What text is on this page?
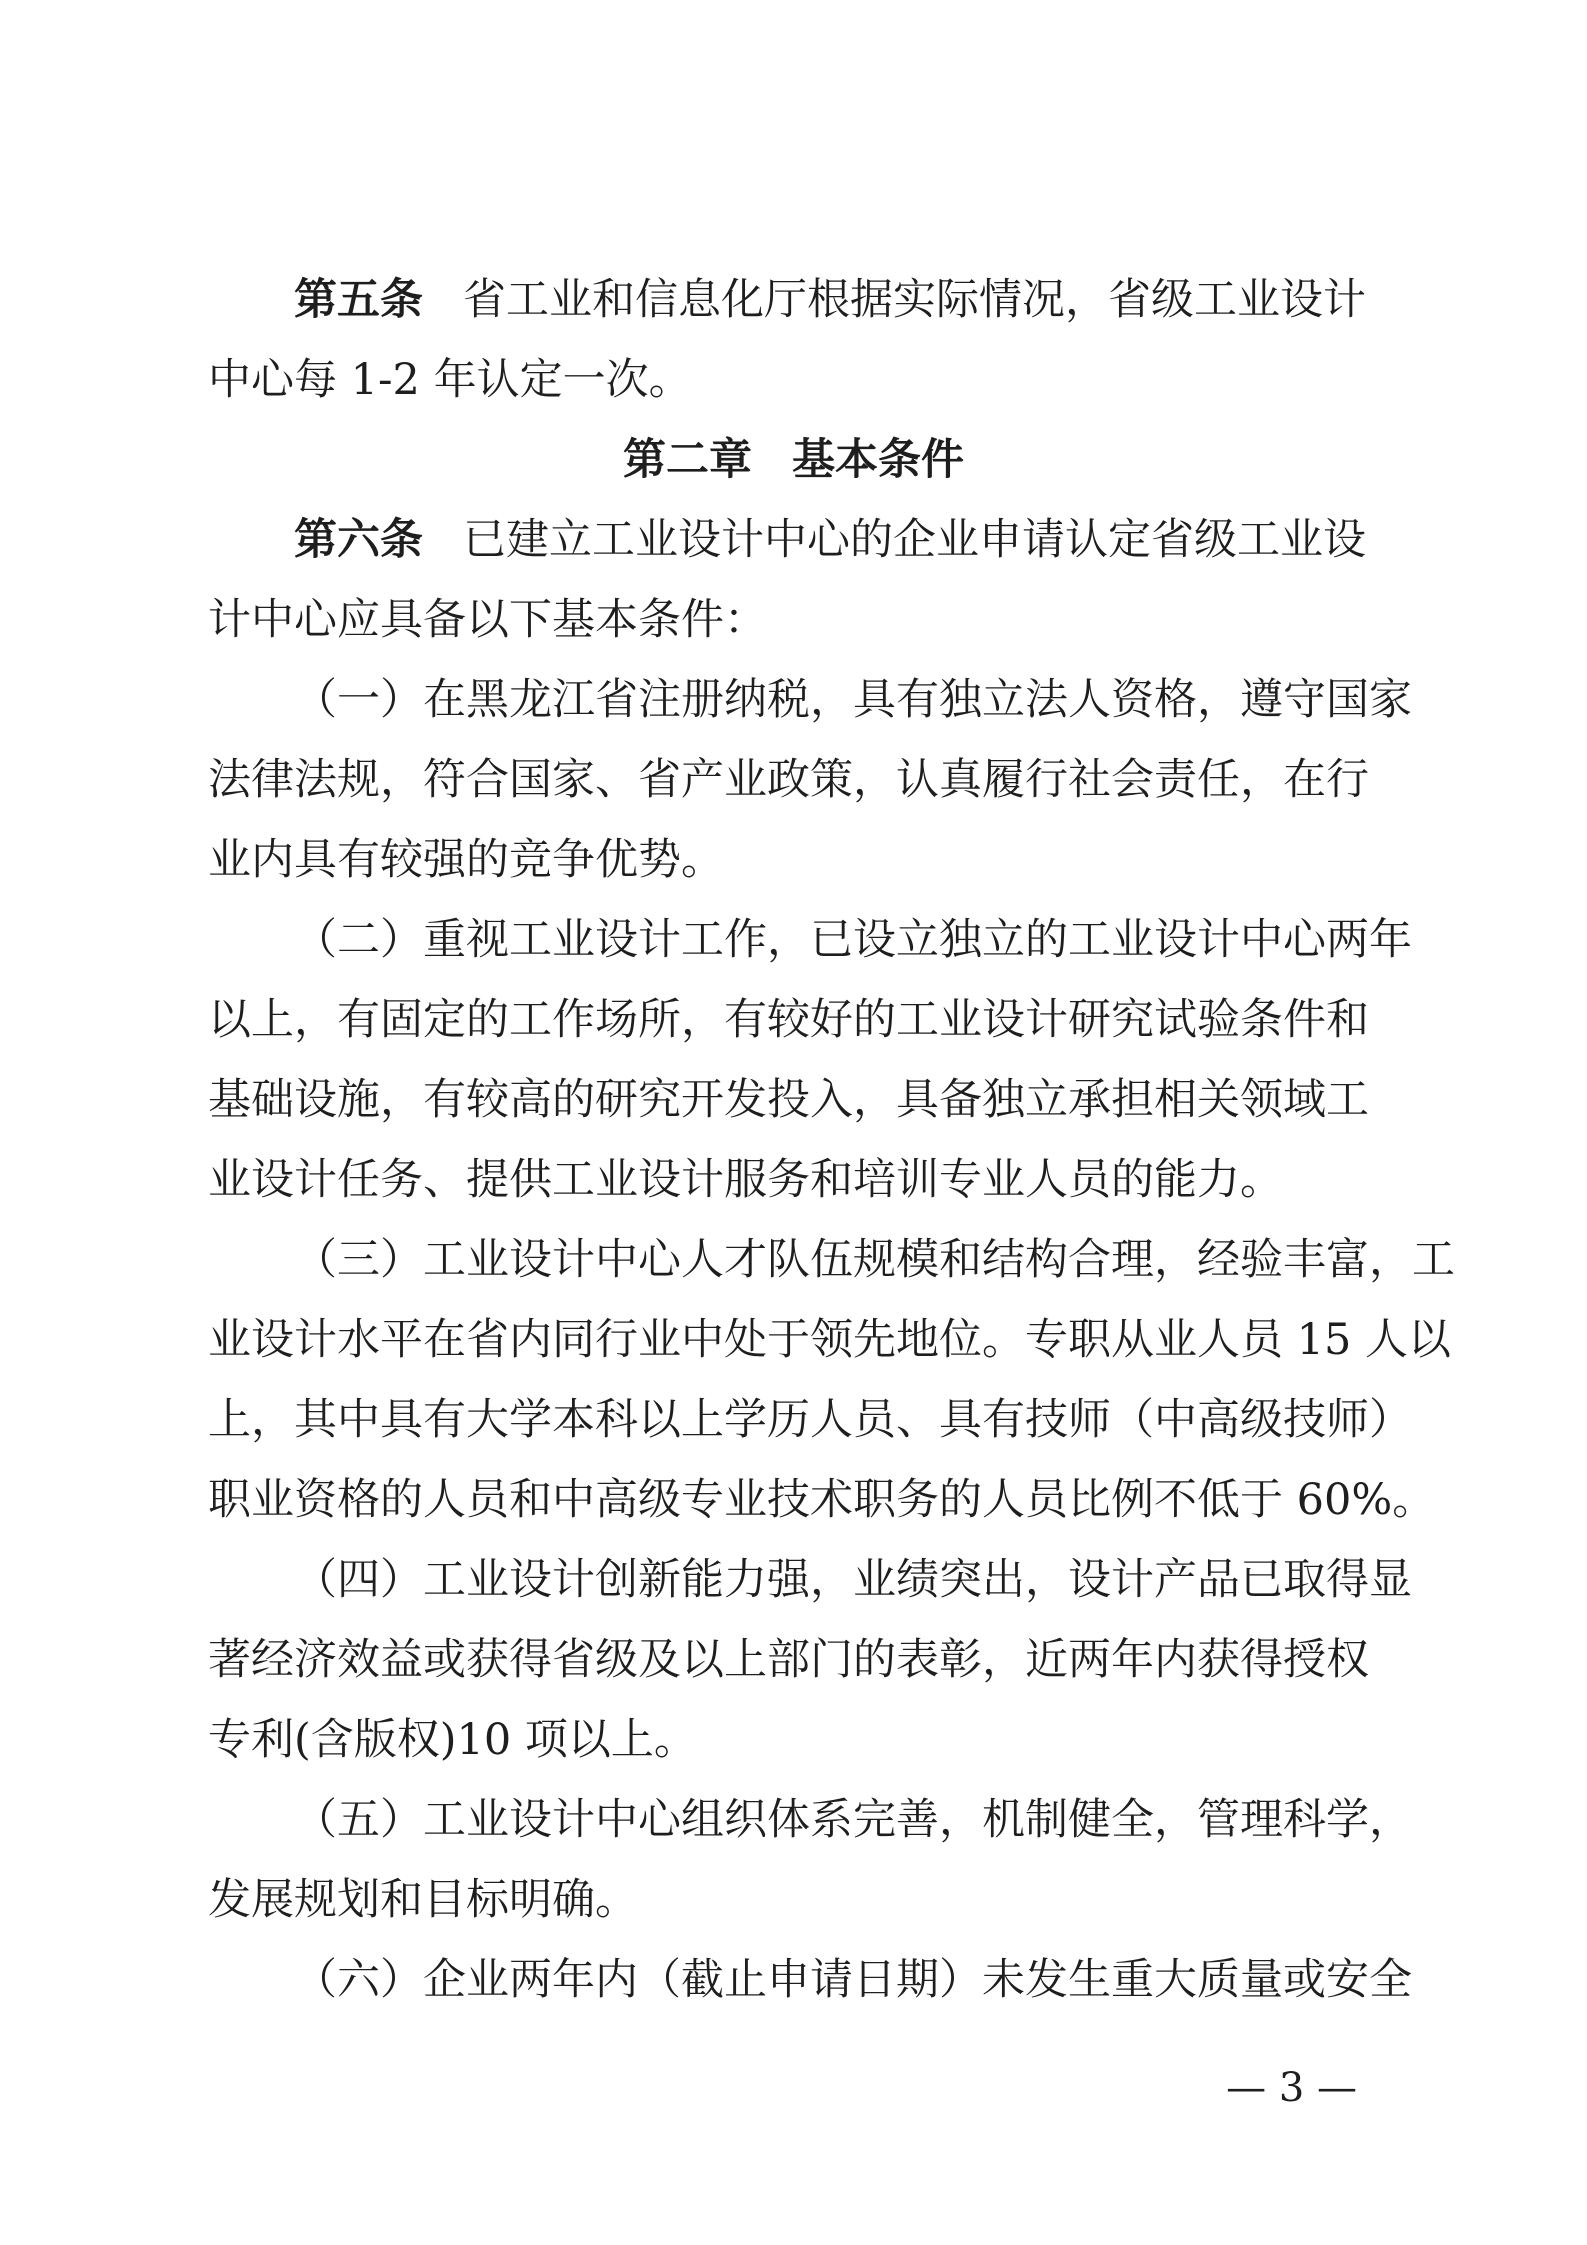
第五条 省工业和信息化厅根据实际情况，省级工业设计
中心每 1-2 年认定一次。
第二章 基本条件
第六条 已建立工业设计中心的企业申请认定省级工业设
计中心应具备以下基本条件：
（一）在黑龙江省注册纳税，具有独立法人资格，遵守国家
法律法规，符合国家、省产业政策，认真履行社会责任，在行
业内具有较强的竞争优势。
（二）重视工业设计工作，已设立独立的工业设计中心两年
以上，有固定的工作场所，有较好的工业设计研究试验条件和
基础设施，有较高的研究开发投入，具备独立承担相关领域工
业设计任务、提供工业设计服务和培训专业人员的能力。
（三）工业设计中心人才队伍规模和结构合理，经验丰富，工
业设计水平在省内同行业中处于领先地位。专职从业人员 15 人以
上，其中具有大学本科以上学历人员、具有技师（中高级技师）
职业资格的人员和中高级专业技术职务的人员比例不低于 60%。
（四）工业设计创新能力强，业绩突出，设计产品已取得显
著经济效益或获得省级及以上部门的表彰，近两年内获得授权
专利(含版权)10 项以上。
（五）工业设计中心组织体系完善，机制健全，管理科学，
发展规划和目标明确。
（六）企业两年内（截止申请日期）未发生重大质量或安全
— 3 —
